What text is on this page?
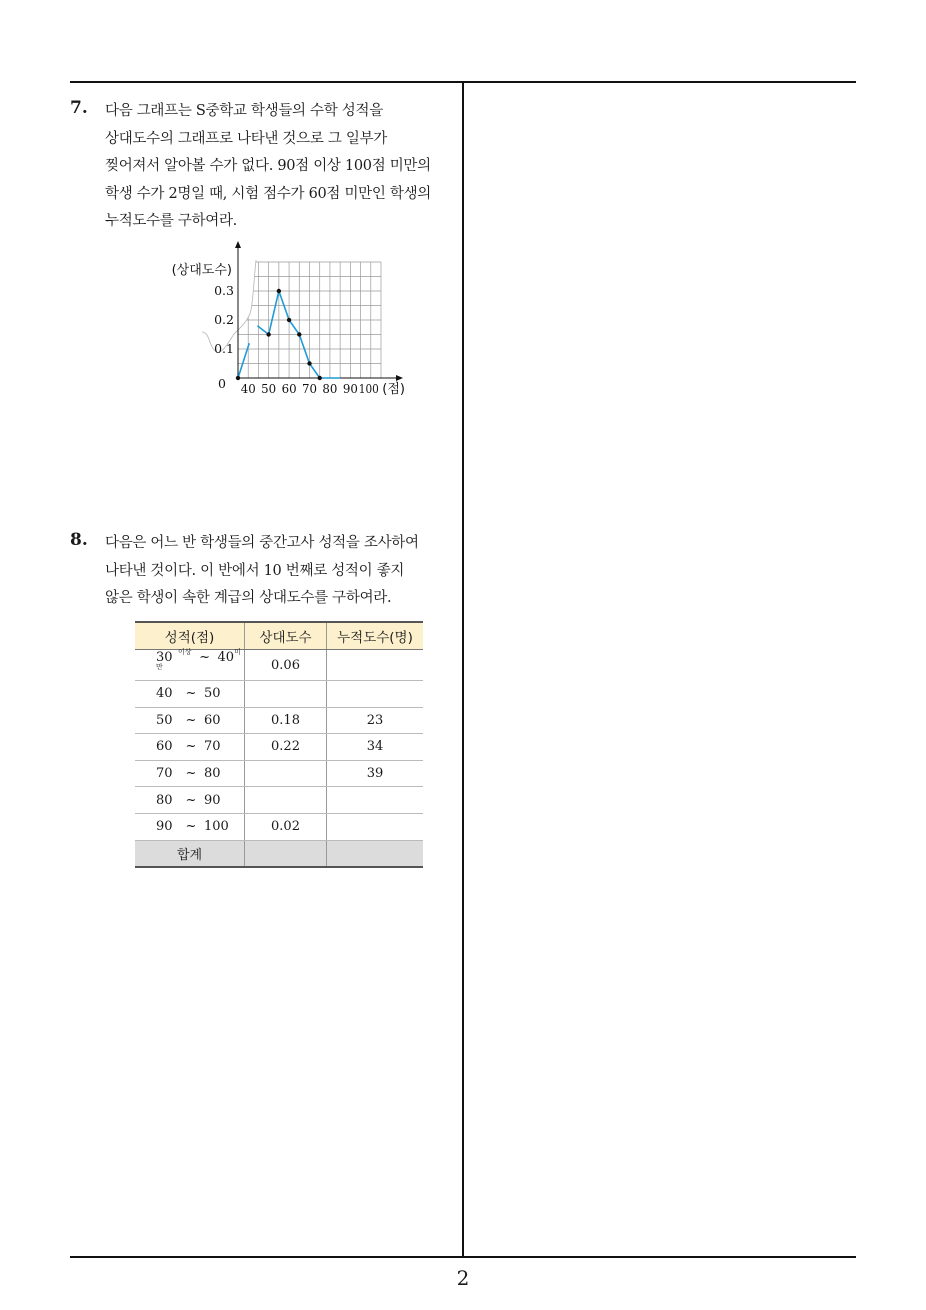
2
7. 다음 그래프는 S중학교 학생들의 수학 성적을
상대도수의 그래프로 나타낸 것으로 그 일부가
찢어져서 알아볼 수가 없다. 90점 이상 100점 미만의
학생 수가 2명일 때, 시험 점수가 60점 미만인 학생의
누적도수를 구하여라.
0.3
0.2
0.1
0
(상대도수)
40 50 60 70 80 90 100 (점)
8. 다음은 어느 반 학생들의 중간고사 성적을 조사하여
나타낸 것이다. 이 반에서 10 번째로 성적이 좋지
않은 학생이 속한 계급의 상대도수를 구하여라.
성적(점)	상대도수	누적도수(명)
30 $^{이상}$ ~ $40^{미만}$	0.06	
40 ~ 50		
50 ~ 60	0.18	23
60 ~ 70	0.22	34
70 ~ 80		39
80 ~ 90		
90 ~ 100	0.02	
합계		
